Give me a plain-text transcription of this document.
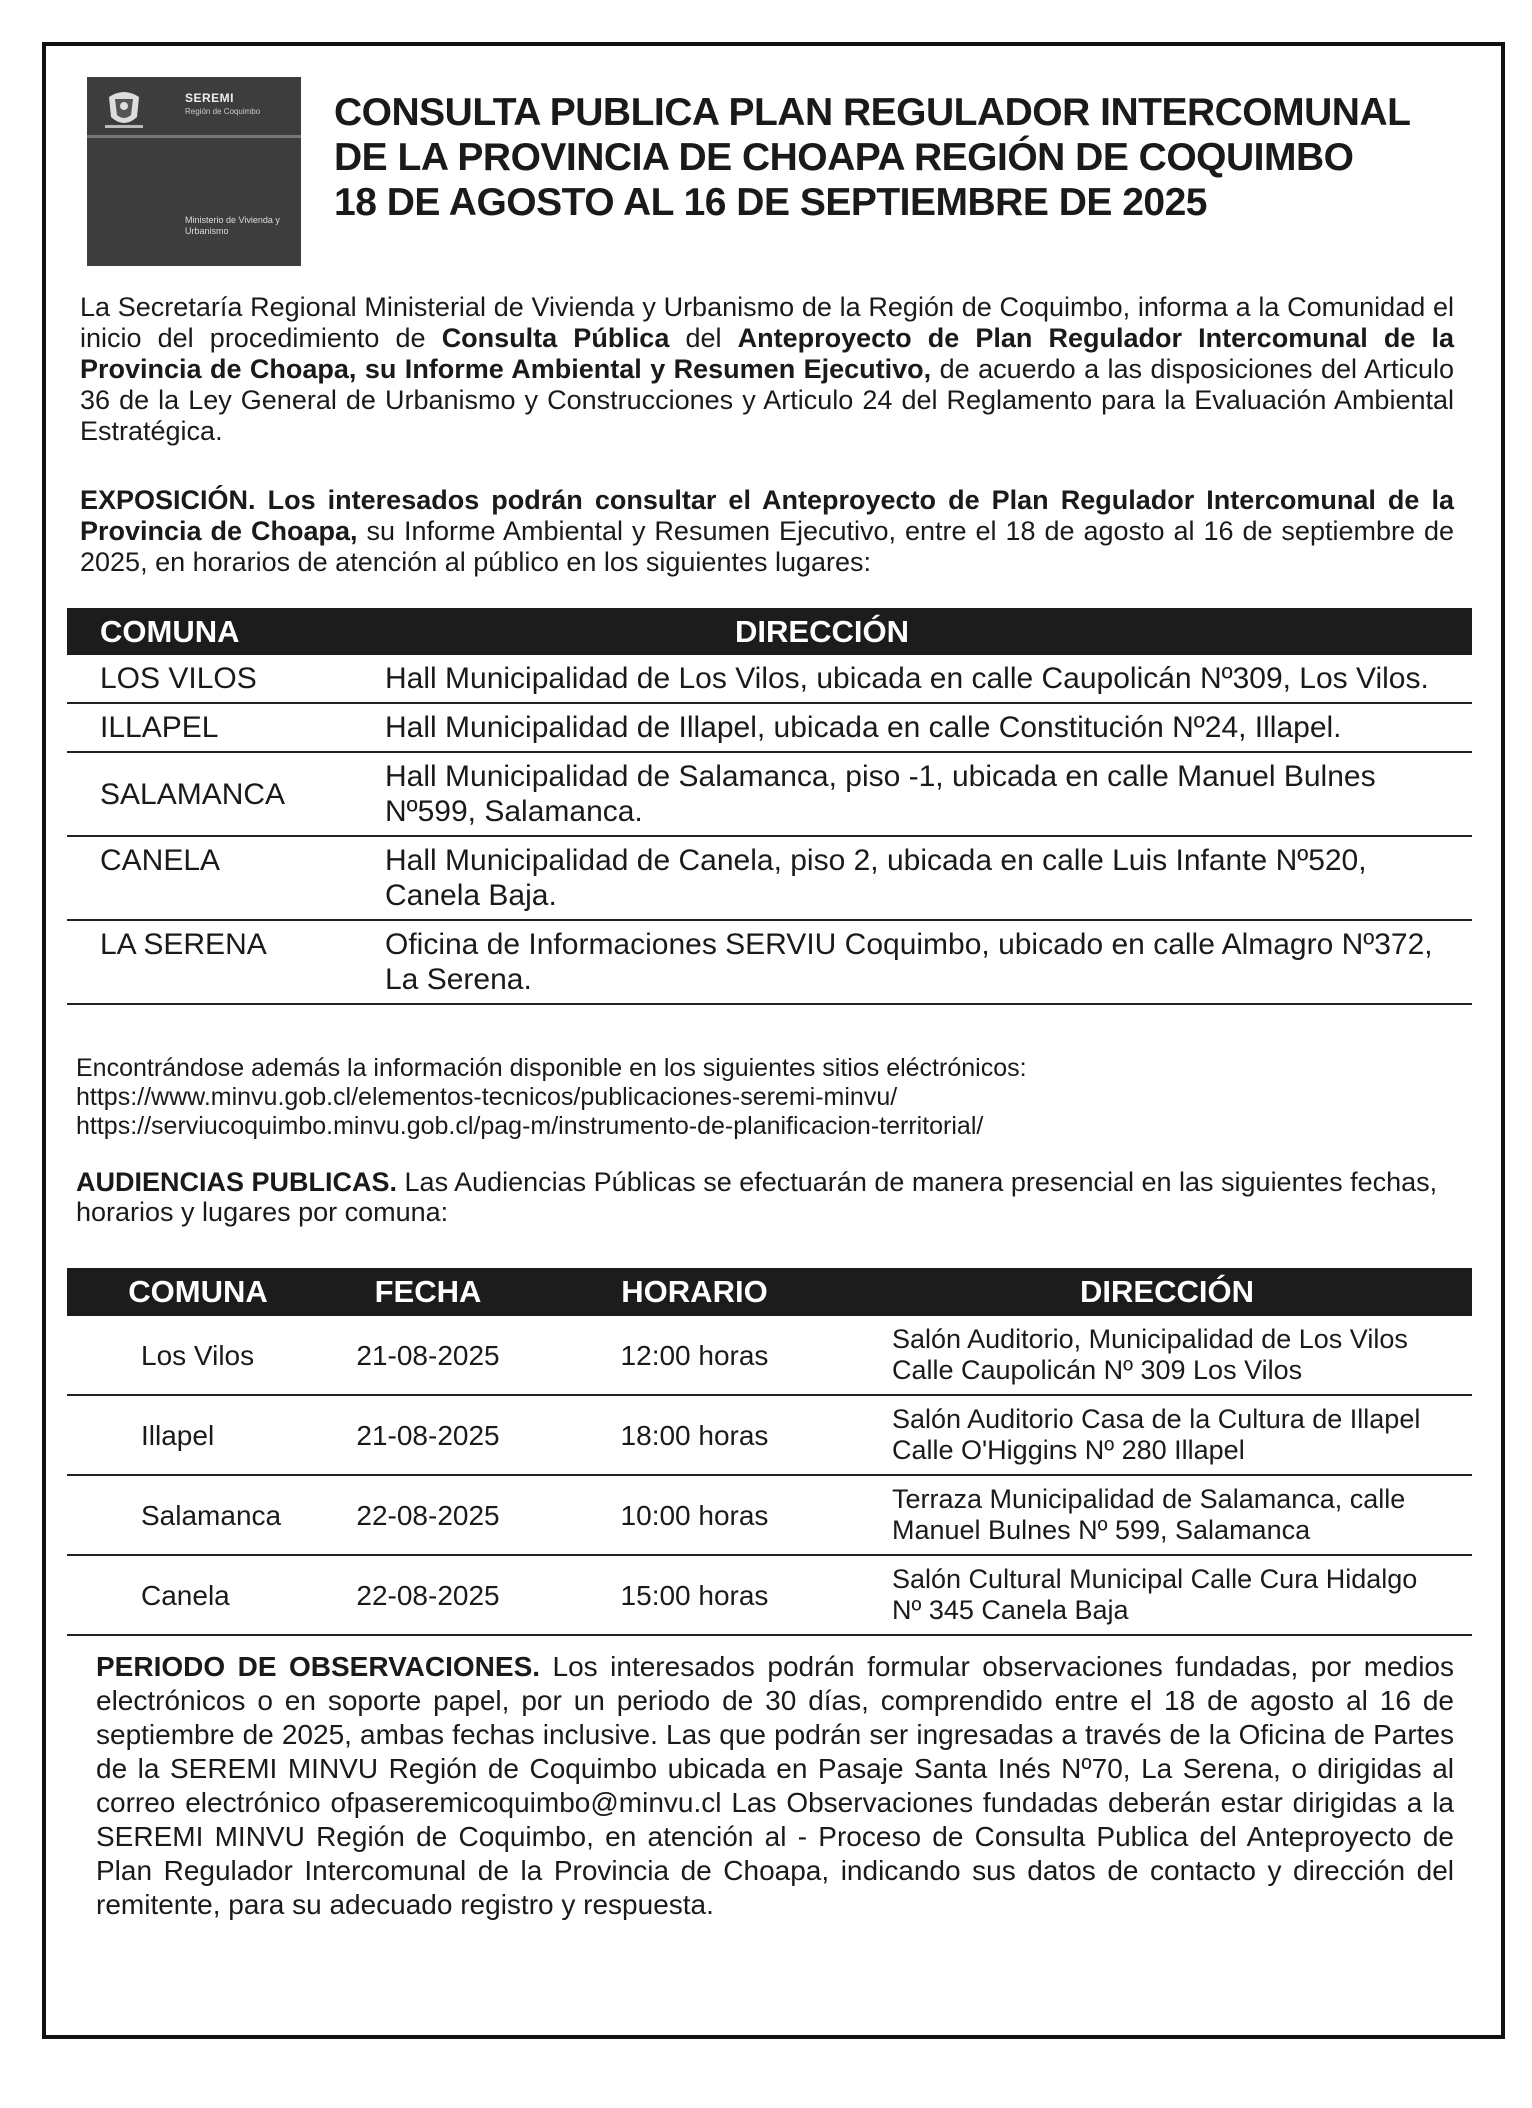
SEREMI
Región de Coquimbo
Ministerio de Vivienda y Urbanismo
CONSULTA PUBLICA PLAN REGULADOR INTERCOMUNAL
DE LA PROVINCIA DE CHOAPA REGIÓN DE COQUIMBO
18 DE AGOSTO AL 16 DE SEPTIEMBRE DE 2025

La Secretaría Regional Ministerial de Vivienda y Urbanismo de la Región de Coquimbo, informa a la Comunidad el inicio del procedimiento de Consulta Pública del Anteproyecto de Plan Regulador Intercomunal de la Provincia de Choapa, su Informe Ambiental y Resumen Ejecutivo, de acuerdo a las disposiciones del Articulo 36 de la Ley General de Urbanismo y Construcciones y Articulo 24 del Reglamento para la Evaluación Ambiental Estratégica.

EXPOSICIÓN. Los interesados podrán consultar el Anteproyecto de Plan Regulador Intercomunal de la Provincia de Choapa, su Informe Ambiental y Resumen Ejecutivo, entre el 18 de agosto al 16 de septiembre de 2025, en horarios de atención al público en los siguientes lugares:

COMUNA	DIRECCIÓN
LOS VILOS	Hall Municipalidad de Los Vilos, ubicada en calle Caupolicán Nº309, Los Vilos.
ILLAPEL	Hall Municipalidad de Illapel, ubicada en calle Constitución Nº24, Illapel.
SALAMANCA	Hall Municipalidad de Salamanca, piso -1, ubicada en calle Manuel Bulnes Nº599, Salamanca.
CANELA	Hall Municipalidad de Canela, piso 2, ubicada en calle Luis Infante Nº520, Canela Baja.
LA SERENA	Oficina de Informaciones SERVIU Coquimbo, ubicado en calle Almagro Nº372, La Serena.
Encontrándose además la información disponible en los siguientes sitios eléctrónicos:
https://www.minvu.gob.cl/elementos-tecnicos/publicaciones-seremi-minvu/
https://serviucoquimbo.minvu.gob.cl/pag-m/instrumento-de-planificacion-territorial/

AUDIENCIAS PUBLICAS. Las Audiencias Públicas se efectuarán de manera presencial en las siguientes fechas, horarios y lugares por comuna:

COMUNA	FECHA	HORARIO	DIRECCIÓN
Los Vilos	21-08-2025	12:00 horas	Salón Auditorio, Municipalidad de Los Vilos
Calle Caupolicán Nº 309 Los Vilos

Illapel	21-08-2025	18:00 horas	Salón Auditorio Casa de la Cultura de Illapel
Calle O'Higgins Nº 280 Illapel

Salamanca	22-08-2025	10:00 horas	Terraza Municipalidad de Salamanca, calle
Manuel Bulnes Nº 599, Salamanca

Canela	22-08-2025	15:00 horas	Salón Cultural Municipal Calle Cura Hidalgo
Nº 345 Canela Baja

PERIODO DE OBSERVACIONES. Los interesados podrán formular observaciones fundadas, por medios electrónicos o en soporte papel, por un periodo de 30 días, comprendido entre el 18 de agosto al 16 de septiembre de 2025, ambas fechas inclusive. Las que podrán ser ingresadas a través de la Oficina de Partes de la SEREMI MINVU Región de Coquimbo ubicada en Pasaje Santa Inés Nº70, La Serena, o dirigidas al correo electrónico ofpaseremicoquimbo@minvu.cl Las Observaciones fundadas deberán estar dirigidas a la SEREMI MINVU Región de Coquimbo, en atención al - Proceso de Consulta Publica del Anteproyecto de Plan Regulador Intercomunal de la Provincia de Choapa, indicando sus datos de contacto y dirección del remitente, para su adecuado registro y respuesta.
